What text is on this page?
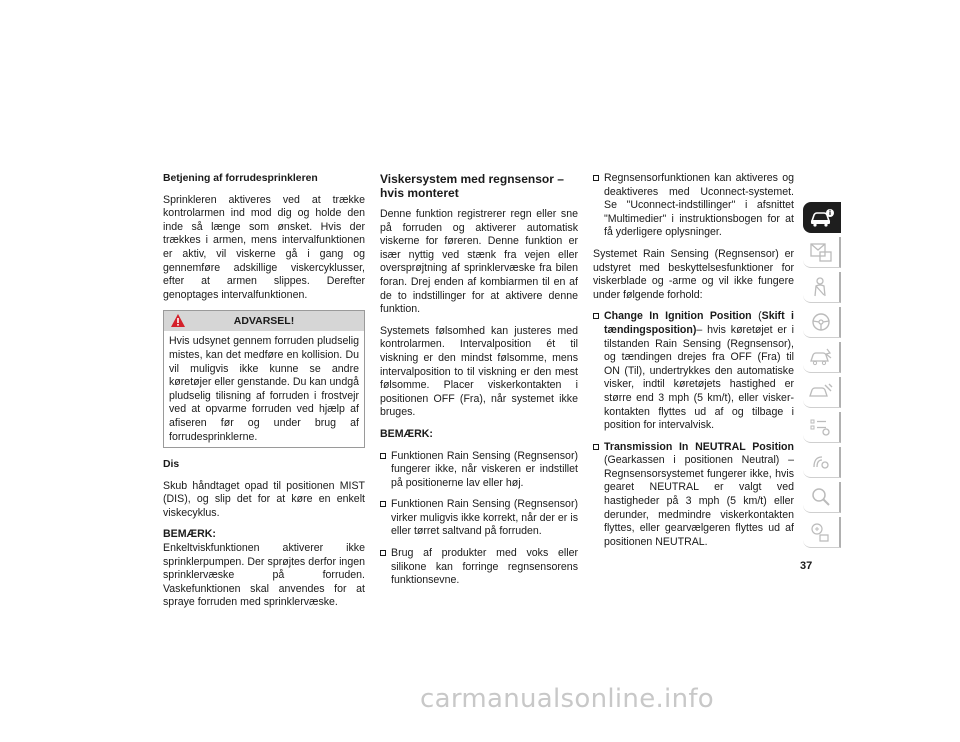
Betjening af forrudesprinkleren

Sprinkleren aktiveres ved at trække kontrolarmen ind mod dig og holde den inde så længe som ønsket. Hvis der trækkes i armen, mens intervalfunktionen er aktiv, vil viskerne gå i gang og gennemføre adskillige viskercyklusser, efter at armen slippes. Derefter genoptages intervalfunktionen.

ADVARSEL!
Hvis udsynet gennem forruden pludselig mistes, kan det medføre en kollision. Du vil muligvis ikke kunne se andre køretøjer eller genstande. Du kan undgå pludselig tilisning af forruden i frostvejr ved at opvarme forruden ved hjælp af afiseren før og under brug af forrudesprinklerne.
Dis

Skub håndtaget opad til positionen MIST (DIS), og slip det for at køre en enkelt viskecyklus.

BEMÆRK:

Enkeltviskfunktionen aktiverer ikke sprinklerpumpen. Der sprøjtes derfor ingen sprinklervæske på forruden. Vaskefunktionen skal anvendes for at spraye forruden med sprinklervæske.

Viskersystem med regnsensor – hvis monteret

Denne funktion registrerer regn eller sne på forruden og aktiverer automatisk viskerne for føreren. Denne funktion er især nyttig ved stænk fra vejen eller oversprøjtning af sprinklervæske fra bilen foran. Drej enden af kombiarmen til en af de to indstillinger for at aktivere denne funktion.

Systemets følsomhed kan justeres med kontrolarmen. Intervalposition ét til viskning er den mindst følsomme, mens intervalposition to til viskning er den mest følsomme. Placer viskerkontakten i positionen OFF (Fra), når systemet ikke bruges.

BEMÆRK:
Funktionen Rain Sensing (Regnsensor) fungerer ikke, når viskeren er indstillet på positionerne lav eller høj.
Funktionen Rain Sensing (Regnsensor) virker muligvis ikke korrekt, når der er is eller tørret saltvand på forruden.
Brug af produkter med voks eller silikone kan forringe regnsensorens funktionsevne.
Regnsensorfunktionen kan aktiveres og deaktiveres med Uconnect-systemet. Se "Uconnect-indstillinger" i afsnittet "Multimedier" i instruktionsbogen for at få yderligere oplysninger.

Systemet Rain Sensing (Regnsensor) er udstyret med beskyttelsesfunktioner for viskerblade og -arme og vil ikke fungere under følgende forhold:

Change In Ignition Position (Skift i tændingsposition)– hvis køretøjet er i tilstanden Rain Sensing (Regnsensor), og tændingen drejes fra OFF (Fra) til ON (Til), undertrykkes den automatiske visker, indtil køretøjets hastighed er større end 3 mph (5 km/t), eller visker-kontakten flyttes ud af og tilbage i position for intervalvisk.
Transmission In NEUTRAL Position (Gearkassen i positionen Neutral) – Regnsensorsystemet fungerer ikke, hvis gearet NEUTRAL er valgt ved hastigheder på 3 mph (5 km/t) eller derunder, medmindre viskerkontakten flyttes, eller gearvælgeren flyttes ud af positionen NEUTRAL.
37
carmanualsonline.info
